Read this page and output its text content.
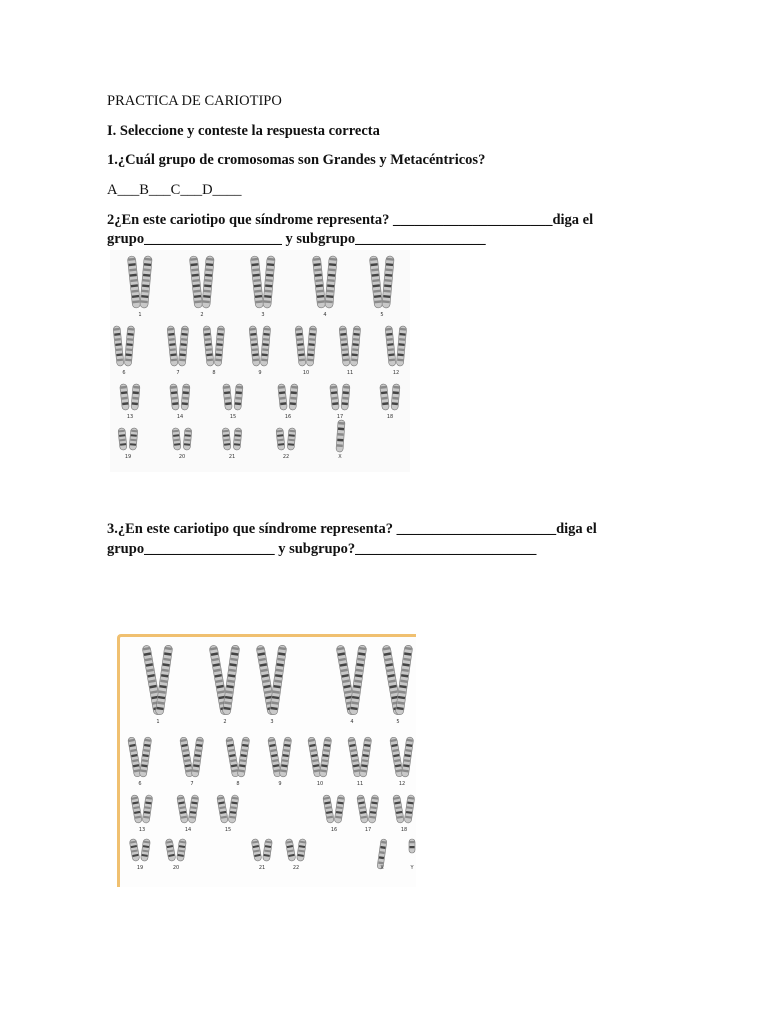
PRACTICA DE CARIOTIPO
I. Seleccione y conteste la respuesta correcta
1.¿Cuál grupo de cromosomas son Grandes y Metacéntricos?
A___B___C___D____
2¿En este cariotipo que síndrome representa? ______________________diga el
grupo___________________ y subgrupo__________________
1	2	3	4	5
6	7	8	9	10	11	12
13	14	15	16	17	18
19	20	21	22	X
3.¿En este cariotipo que síndrome representa? ______________________diga el
grupo__________________ y subgrupo?_________________________
1	2	3	4	5
6	7	8	9	10	11	12
13	14	15	16	17	18
19	20	21	22	X	Y
